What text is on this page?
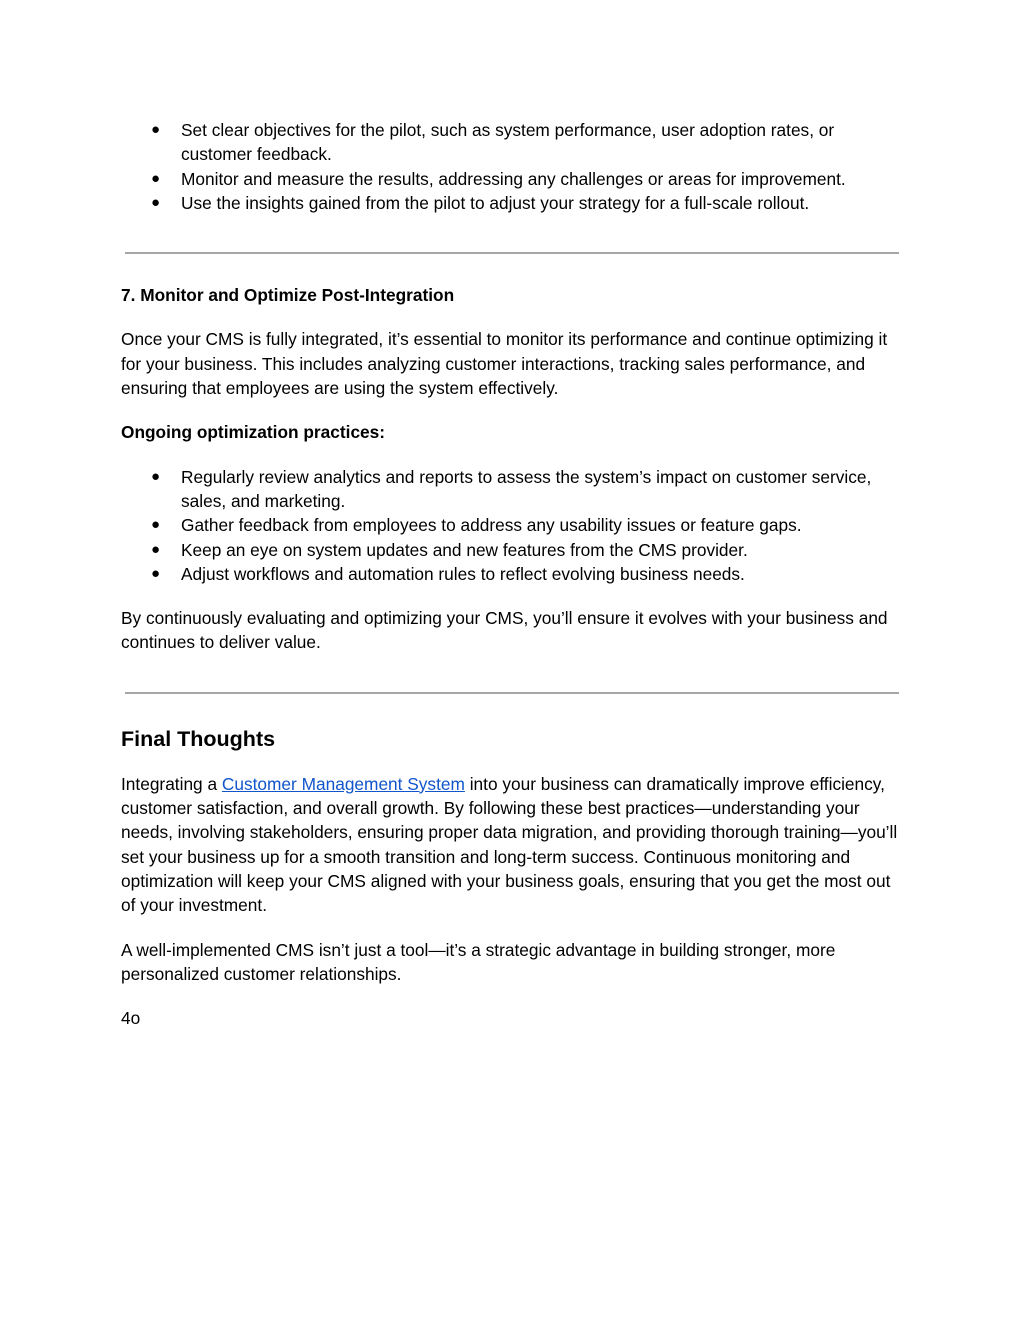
● Set clear objectives for the pilot, such as system performance, user adoption rates, or customer feedback.
● Monitor and measure the results, addressing any challenges or areas for improvement.
● Use the insights gained from the pilot to adjust your strategy for a full-scale rollout.

7. Monitor and Optimize Post-Integration

Once your CMS is fully integrated, it’s essential to monitor its performance and continue optimizing it for your business. This includes analyzing customer interactions, tracking sales performance, and ensuring that employees are using the system effectively.

Ongoing optimization practices:

● Regularly review analytics and reports to assess the system’s impact on customer service, sales, and marketing.
● Gather feedback from employees to address any usability issues or feature gaps.
● Keep an eye on system updates and new features from the CMS provider.
● Adjust workflows and automation rules to reflect evolving business needs.

By continuously evaluating and optimizing your CMS, you’ll ensure it evolves with your business and continues to deliver value.

Final Thoughts

Integrating a Customer Management System into your business can dramatically improve efficiency, customer satisfaction, and overall growth. By following these best practices—understanding your needs, involving stakeholders, ensuring proper data migration, and providing thorough training—you’ll set your business up for a smooth transition and long-term success. Continuous monitoring and optimization will keep your CMS aligned with your business goals, ensuring that you get the most out of your investment.

A well-implemented CMS isn’t just a tool—it’s a strategic advantage in building stronger, more personalized customer relationships.

4o
